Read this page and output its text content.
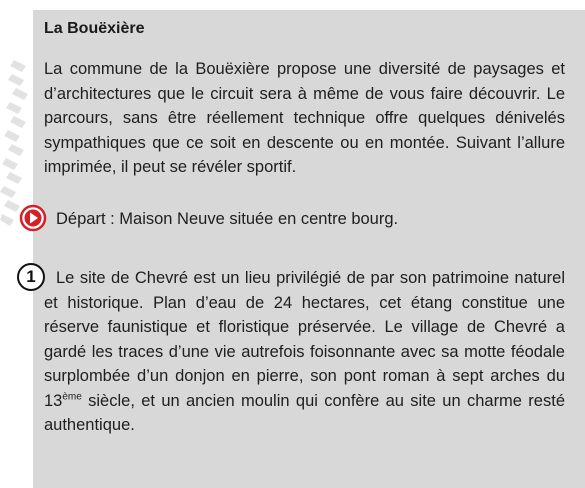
La Bouëxière

La commune de la Bouëxière propose une diversité de paysages et d’architectures que le circuit sera à même de vous faire découvrir. Le parcours, sans être réellement technique offre quelques dénivelés sympathiques que ce soit en descente ou en montée. Suivant l’allure imprimée, il peut se révéler sportif.

Départ : Maison Neuve située en centre bourg.

1	Le site de Chevré est un lieu privilégié de par son patrimoine naturel et historique. Plan d’eau de 24 hectares, cet étang constitue une réserve faunistique et floristique préservée. Le village de Chevré a gardé les traces d’une vie autrefois foisonnante avec sa motte féodale surplombée d’un donjon en pierre, son pont roman à sept arches du 13ème siècle, et un ancien moulin qui confère au site un charme resté authentique.
